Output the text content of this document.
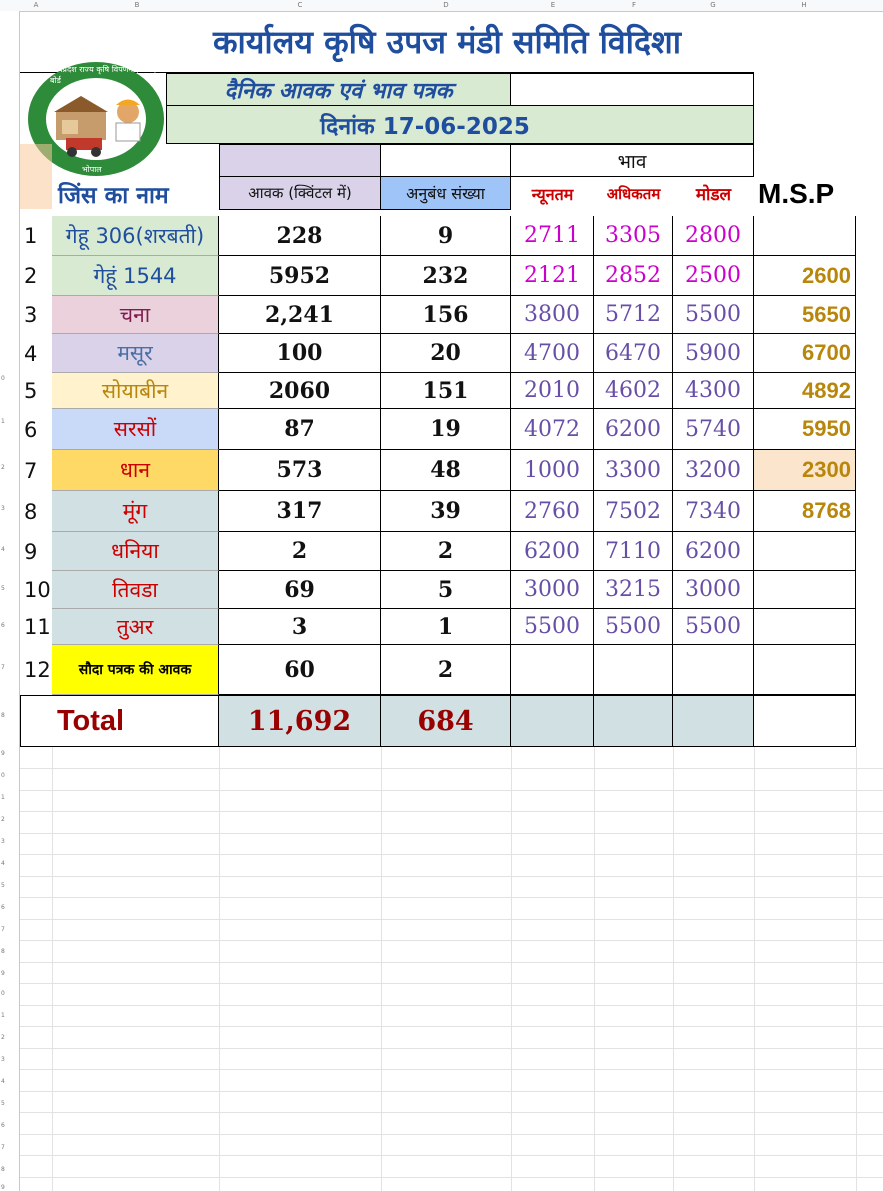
A	B	C	D	E	F	G	H
0
1
2
3
4
5
6
7
8
9
0
1
2
3
4
5
6
7
8
9
0
1
2
3
4
5
6
7
8
9
कार्यालय कृषि उपज मंडी समिति विदिशा
दैनिक आवक एवं भाव पत्रक
दिनांक 17-06-2025
मध्यप्रदेश राज्य कृषि विपणन (मण्डी) बोर्ड
भोपाल	भाव
जिंस का नाम	आवक (क्विंटल में)	अनुबंध संख्या	न्यूनतम अधिकतम मोडल M.S.P
1	गेहू 306(शरबती)	228	9	2711	3305	2800
2	गेहूं 1544	5952	232	2121	2852	2500	2600
3	चना	2,241	156	3800	5712	5500	5650
4	मसूर	100	20	4700	6470	5900	6700
5	सोयाबीन	2060	151	2010	4602	4300	4892
6	सरसों	87	19	4072	6200	5740	5950
7	धान	573	48	1000	3300	3200	2300
8	मूंग	317	39	2760	7502	7340	8768
9	धनिया	2	2	6200	7110	6200
10	तिवडा	69	5	3000	3215	3000
11	तुअर	3	1	5500	5500	5500
12	सौदा पत्रक की आवक	60	2
Total	11,692 684
